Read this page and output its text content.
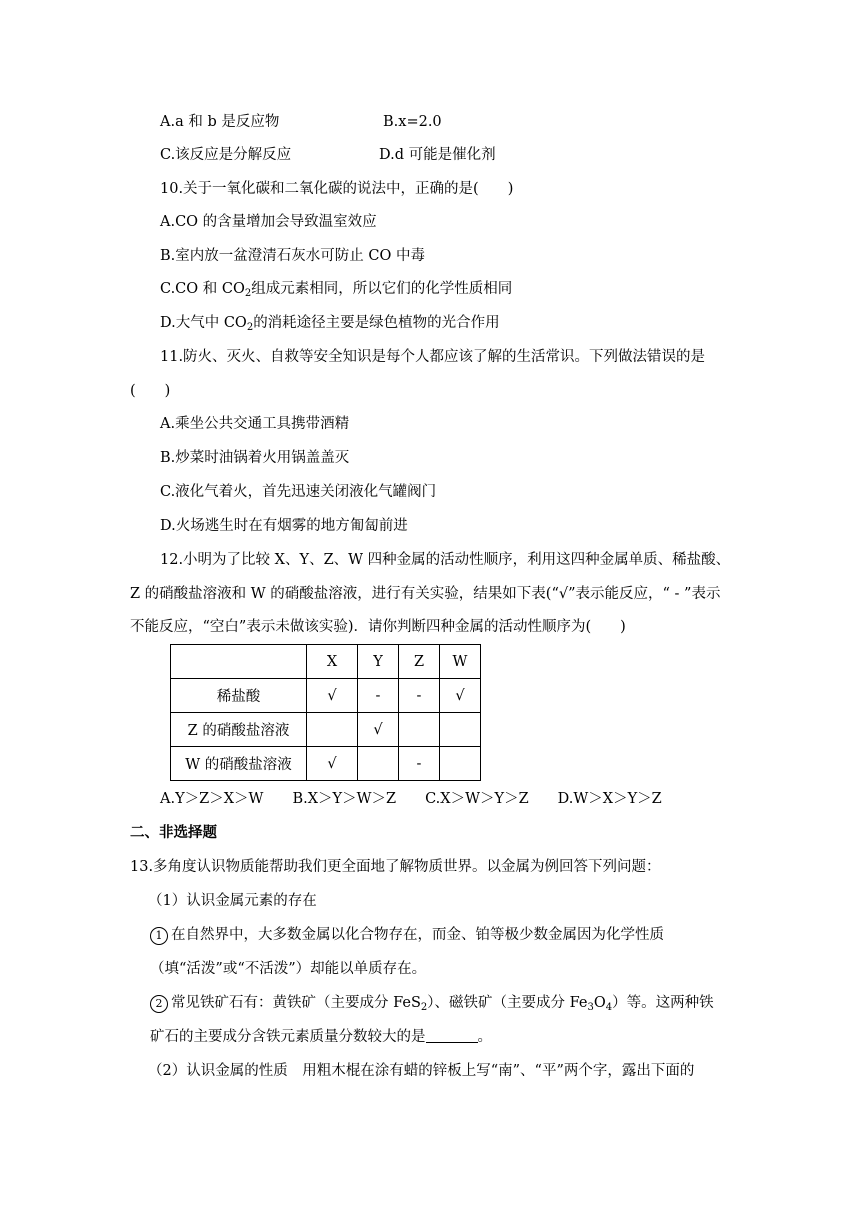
A.a 和 b 是反应物	B.x=2.0
C.该反应是分解反应	D.d 可能是催化剂
10.关于一氧化碳和二氧化碳的说法中，正确的是(　　)
A.CO 的含量增加会导致温室效应
B.室内放一盆澄清石灰水可防止 CO 中毒
C.CO 和 $CO_2$组成元素相同，所以它们的化学性质相同
D.大气中 $CO_2$的消耗途径主要是绿色植物的光合作用
11.防火、灭火、自救等安全知识是每个人都应该了解的生活常识。下列做法错误的是
(　　)
A.乘坐公共交通工具携带酒精
B.炒菜时油锅着火用锅盖盖灭
C.液化气着火，首先迅速关闭液化气罐阀门
D.火场逃生时在有烟雾的地方匍匐前进
12.小明为了比较 X、Y、Z、W 四种金属的活动性顺序，利用这四种金属单质、稀盐酸、
Z 的硝酸盐溶液和 W 的硝酸盐溶液，进行有关实验，结果如下表(“√”表示能反应，“ - ”表示
不能反应，“空白”表示未做该实验)．请你判断四种金属的活动性顺序为(　　)
	X	Y	Z	W
稀盐酸	√	-	-	√
Z 的硝酸盐溶液		√		
W 的硝酸盐溶液	√		-	
A.Y＞Z＞X＞W　　B.X＞Y＞W＞Z　　C.X＞W＞Y＞Z　　D.W＞X＞Y＞Z
二、非选择题
13.多角度认识物质能帮助我们更全面地了解物质世界。以金属为例回答下列问题：
（1）认识金属元素的存在
1 在自然界中，大多数金属以化合物存在，而金、铂等极少数金属因为化学性质
（填“活泼”或“不活泼”）却能以单质存在。
2 常见铁矿石有：黄铁矿（主要成分 FeS$_2$）、磁铁矿（主要成分 $Fe_3O_4$）等。这两种铁
矿石的主要成分含铁元素质量分数较大的是	。
（2）认识金属的性质　用粗木棍在涂有蜡的锌板上写“南”、“平”两个字，露出下面的
